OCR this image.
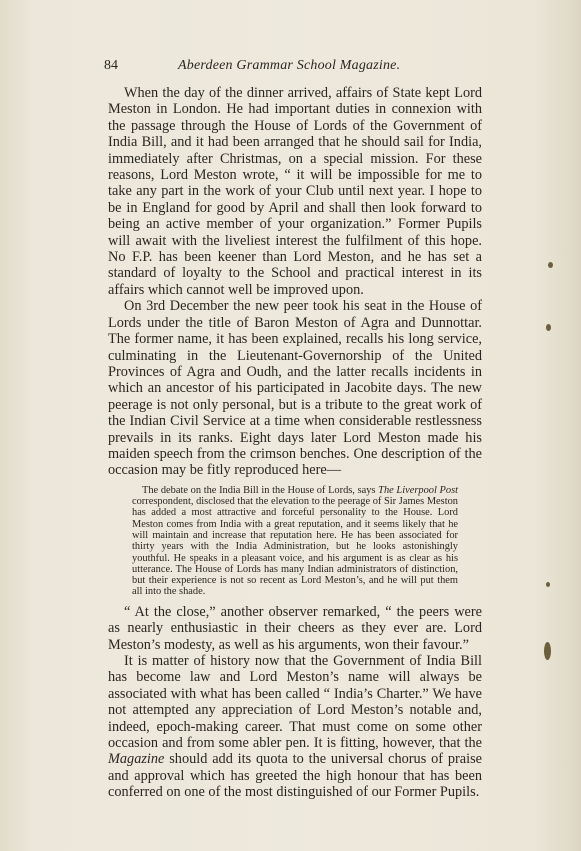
84	Aberdeen Grammar School Magazine.

When the day of the dinner arrived, affairs of State kept Lord Meston in London. He had important duties in connexion with the passage through the House of Lords of the Government of India Bill, and it had been arranged that he should sail for India, immediately after Christmas, on a special mission. For these reasons, Lord Meston wrote, “ it will be impossible for me to take any part in the work of your Club until next year. I hope to be in England for good by April and shall then look forward to being an active member of your organization.” Former Pupils will await with the liveliest interest the fulfilment of this hope. No F.P. has been keener than Lord Meston, and he has set a standard of loyalty to the School and practical interest in its affairs which cannot well be improved upon.

On 3rd December the new peer took his seat in the House of Lords under the title of Baron Meston of Agra and Dunnottar. The former name, it has been explained, recalls his long service, culminating in the Lieutenant-Governorship of the United Provinces of Agra and Oudh, and the latter recalls incidents in which an ancestor of his participated in Jacobite days. The new peerage is not only personal, but is a tribute to the great work of the Indian Civil Service at a time when considerable restlessness prevails in its ranks. Eight days later Lord Meston made his maiden speech from the crimson benches. One description of the occasion may be fitly reproduced here—

The debate on the India Bill in the House of Lords, says The Liverpool Post correspondent, disclosed that the elevation to the peerage of Sir James Meston has added a most attractive and forceful personality to the House. Lord Meston comes from India with a great reputation, and it seems likely that he will maintain and increase that reputation here. He has been associated for thirty years with the India Administration, but he looks astonishingly youthful. He speaks in a pleasant voice, and his argument is as clear as his utterance. The House of Lords has many Indian administrators of distinction, but their experience is not so recent as Lord Meston’s, and he will put them all into the shade.

“ At the close,” another observer remarked, “ the peers were as nearly enthusiastic in their cheers as they ever are. Lord Meston’s modesty, as well as his arguments, won their favour.”

It is matter of history now that the Government of India Bill has become law and Lord Meston’s name will always be associated with what has been called “ India’s Charter.” We have not attempted any appreciation of Lord Meston’s notable and, indeed, epoch-making career. That must come on some other occasion and from some abler pen. It is fitting, however, that the Magazine should add its quota to the universal chorus of praise and approval which has greeted the high honour that has been conferred on one of the most distinguished of our Former Pupils.
